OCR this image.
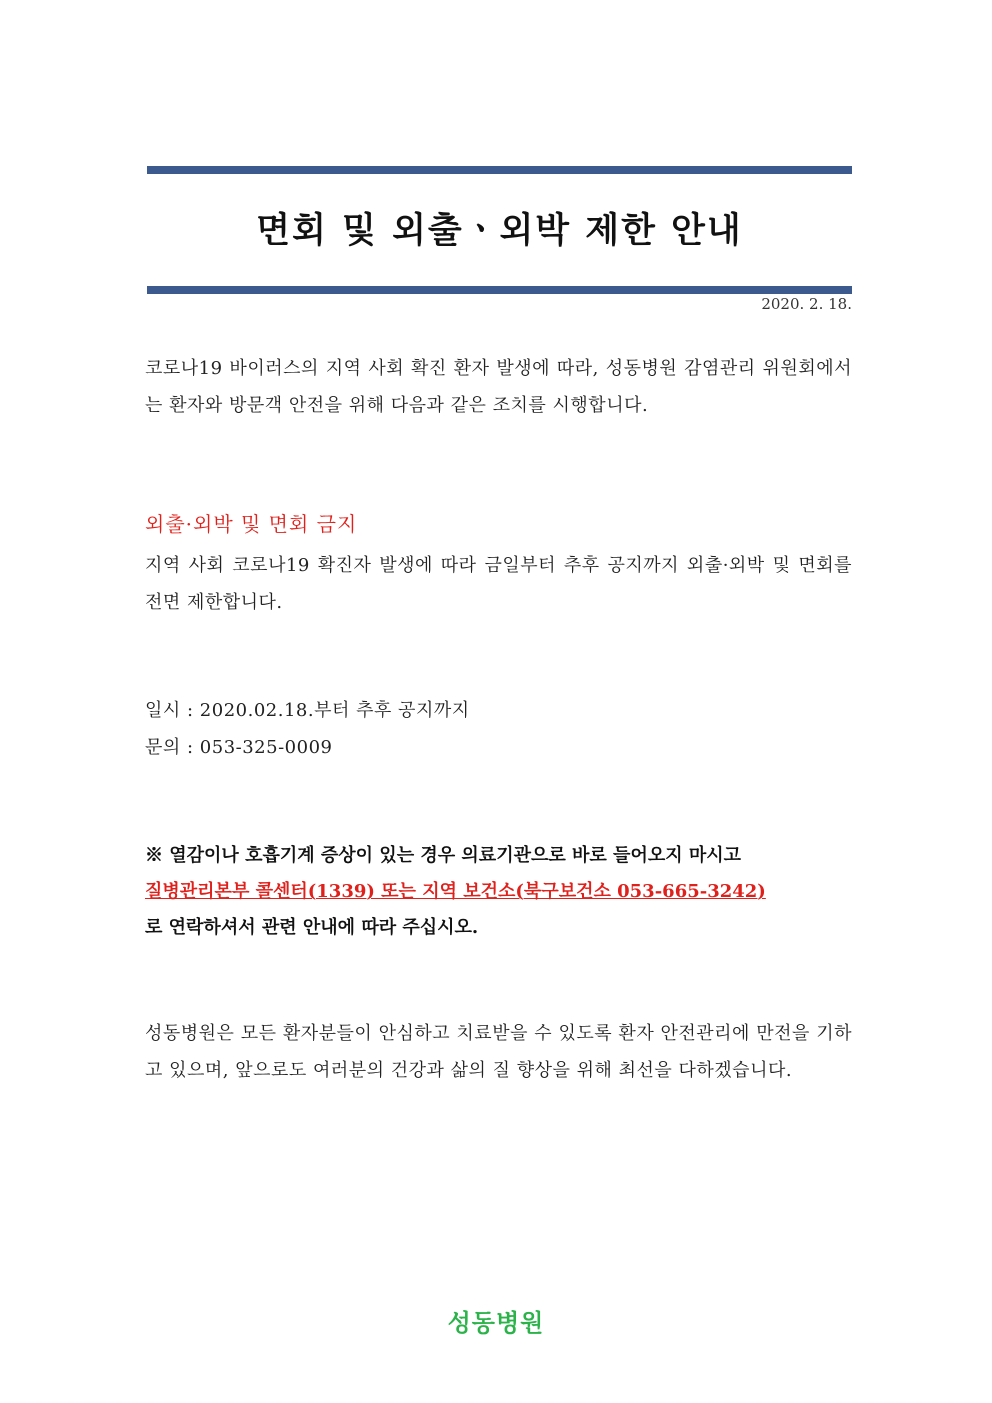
면회 및 외출ㆍ외박 제한 안내
2020. 2. 18.

코로나19 바이러스의 지역 사회 확진 환자 발생에 따라, 성동병원 감염관리 위원회에서는 환자와 방문객 안전을 위해 다음과 같은 조치를 시행합니다.

외출·외박 및 면회 금지

지역 사회 코로나19 확진자 발생에 따라 금일부터 추후 공지까지 외출·외박 및 면회를 전면 제한합니다.

일시 : 2020.02.18.부터 추후 공지까지

문의 : 053-325-0009

※ 열감이나 호흡기계 증상이 있는 경우 의료기관으로 바로 들어오지 마시고
질병관리본부 콜센터(1339) 또는 지역 보건소(북구보건소 053-665-3242)
로 연락하셔서 관련 안내에 따라 주십시오.

성동병원은 모든 환자분들이 안심하고 치료받을 수 있도록 환자 안전관리에 만전을 기하고 있으며, 앞으로도 여러분의 건강과 삶의 질 향상을 위해 최선을 다하겠습니다.

성동병원
